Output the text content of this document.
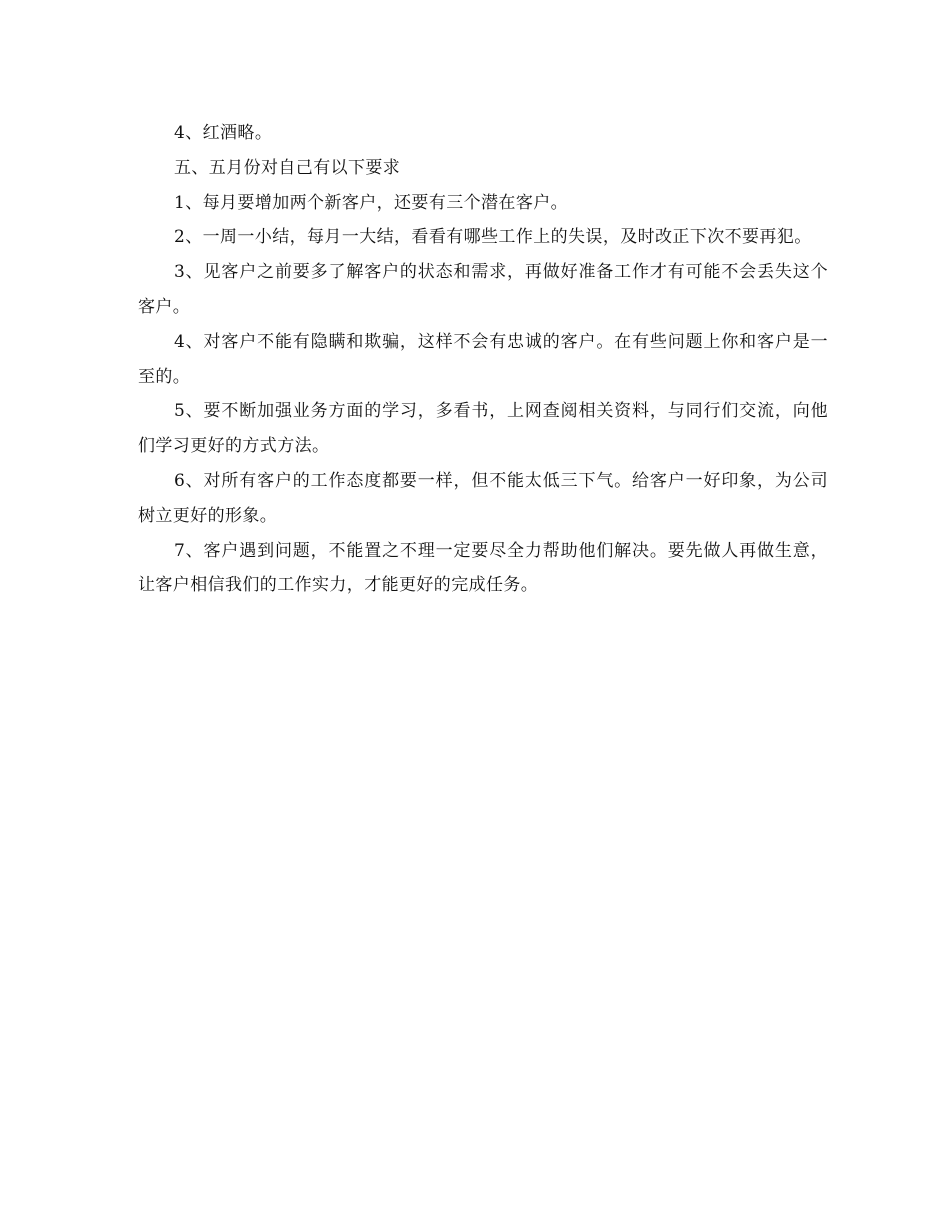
4、红酒略。

五、五月份对自己有以下要求

1、每月要增加两个新客户，还要有三个潜在客户。

2、一周一小结，每月一大结，看看有哪些工作上的失误，及时改正下次不要再犯。

3、见客户之前要多了解客户的状态和需求，再做好准备工作才有可能不会丢失这个客户。

4、对客户不能有隐瞒和欺骗，这样不会有忠诚的客户。在有些问题上你和客户是一至的。

5、要不断加强业务方面的学习，多看书，上网查阅相关资料，与同行们交流，向他们学习更好的方式方法。

6、对所有客户的工作态度都要一样，但不能太低三下气。给客户一好印象，为公司树立更好的形象。

7、客户遇到问题，不能置之不理一定要尽全力帮助他们解决。要先做人再做生意，让客户相信我们的工作实力，才能更好的完成任务。
